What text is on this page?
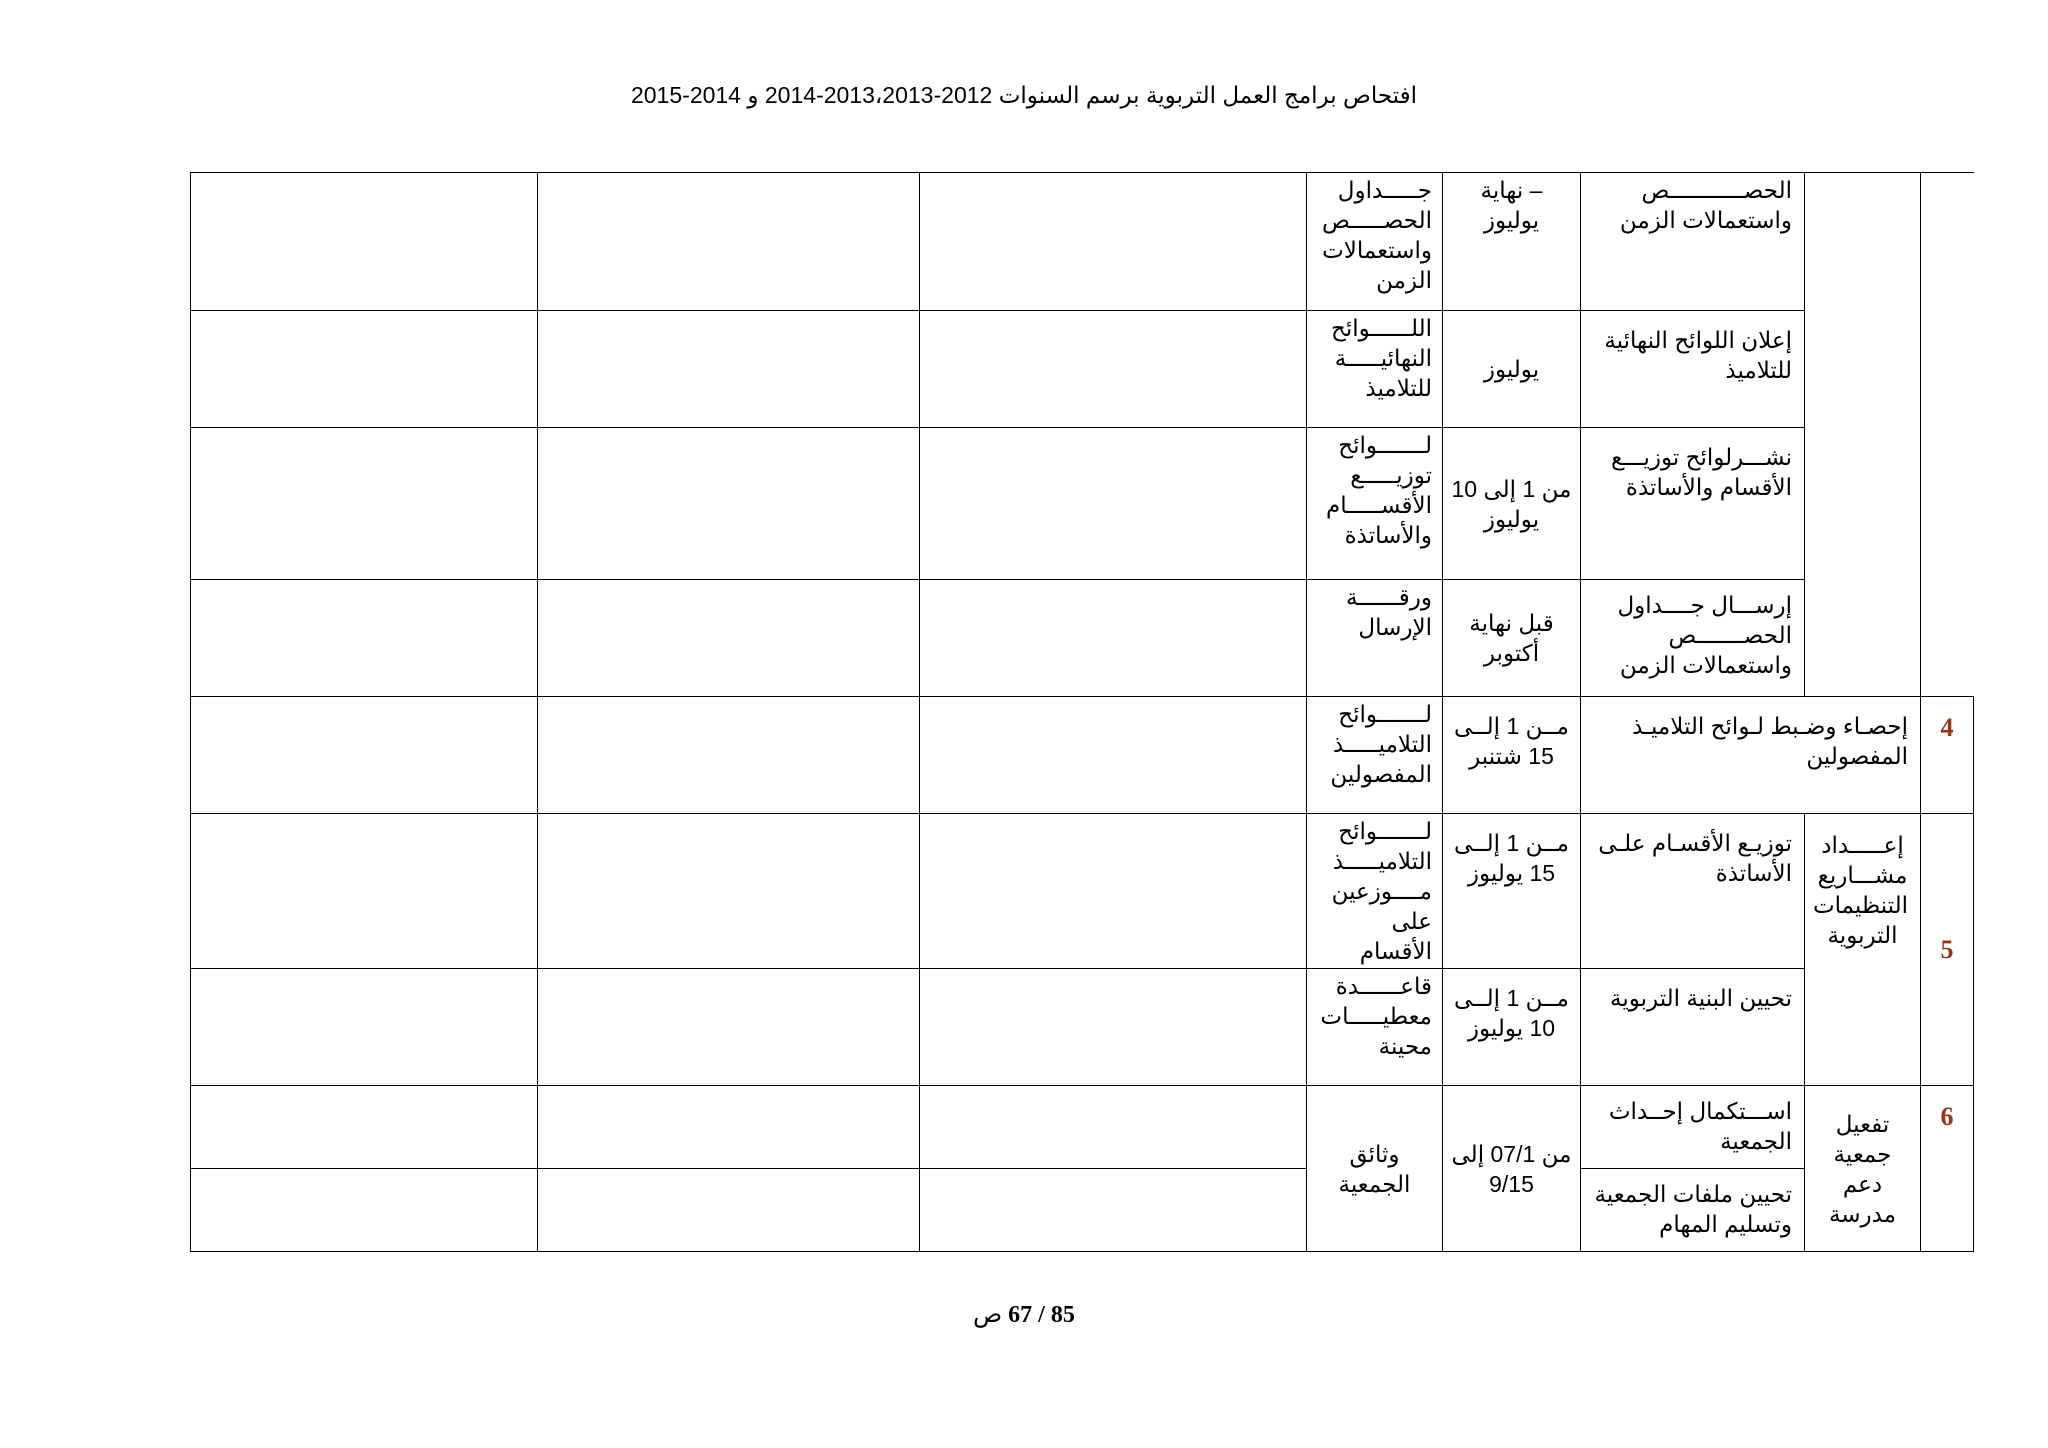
افتحاص برامج العمل التربوية برسم السنوات 2012-2013،2013-2014 و 2014-2015
			جـــــداول الحصـــــص واستعمالات الزمن	– نهاية يوليوز	الحصـــــــــــص واستعمالات الزمن		
			اللــــــوائح النهائيـــــة للتلاميذ	يوليوز	إعلان اللوائح النهائية للتلاميذ		
			لـــــــوائح توزيـــــع الأقســـــام والأساتذة	من 1 إلى 10 يوليوز	نشـــرلوائح توزيـــع الأقسام والأساتذة		
			ورقــــــة الإرسال	قبل نهاية أكتوبر	إرســـال جــــداول الحصـــــــص واستعمالات الزمن		
			لـــــــوائح التلاميـــــذ المفصولين	مــن 1 إلــى 15 شتنبر	إحصـاء وضـبط لـوائح التلاميـذ المفصولين		4
			لـــــــوائح التلاميـــــذ مــــوزعين على الأقسام	مــن 1 إلــى 15 يوليوز	توزيـع الأقسـام علـى الأساتذة	إعـــــداد مشـــاريع التنظيمات التربوية	5
			قاعــــــدة معطيـــــات محينة	مــن 1 إلــى 10 يوليوز	تحيين البنية التربوية		
			وثائق الجمعية	من 07/1 إلى 9/15	اســـتكمال إحــداث الجمعية	تفعيل جمعية دعم مدرسة	6
					تحيين ملفات الجمعية وتسليم المهام		
85 / 67 ص
